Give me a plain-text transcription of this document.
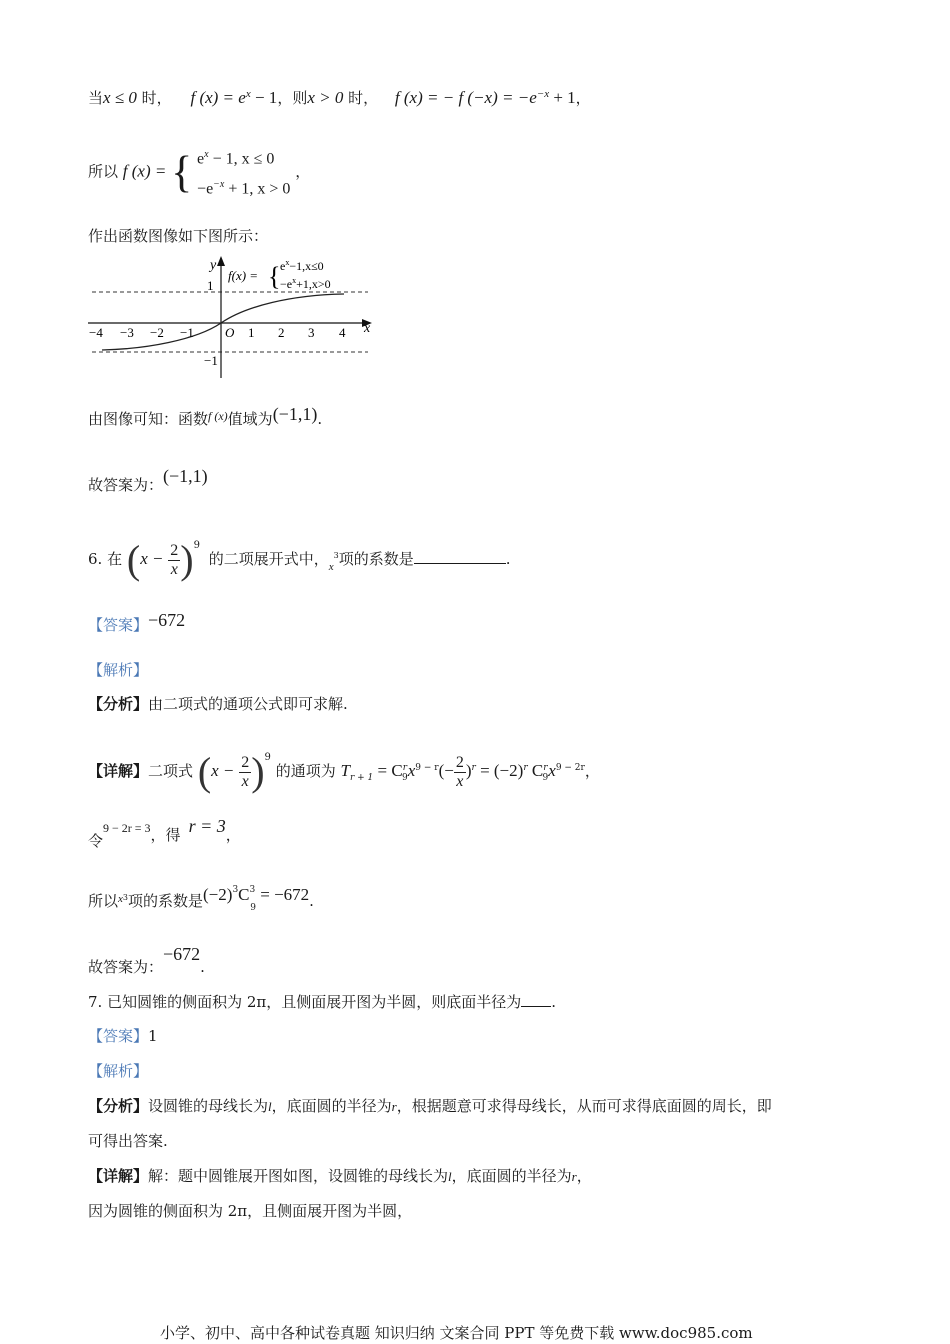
当x ≤ 0 时， f $(x) = e^x - 1$，则x > 0 时， f (x) = − f $(-x) = -e^{-x} + 1$，
所以 f (x) = { $e^x - 1$, x ≤ 0
$-e^{-x} + 1$, x > 0
，
作出函数图像如下图所示：
x
y
O
1
−1
−4 −3 −2 −1	1 2 3 4
f(x) = { $e^x-1,x\le 0$
$-e^x+1,x>0$
由图像可知：函数$^{f (x)}$值域为(−1,1).
故答案为：(−1,1)
6. 在 $(x - \frac{2}{x} )^9$ 的二项展开式中，$_x^3$项的系数是	.
【答案】−672
【解析】
【分析】由二项式的通项公式即可求解.
【详解】二项式 $(x - \frac{2}{x} )^9$ 的通项为 $T_{r + 1} = C^r_9x^{9 - r}(- \frac{2}{x} )^r = (-2)^r$ $C^r_9x^{9 - 2r}$，
令$^{9 - 2r = 3}$，得 r = 3，
所以$^{x3}$项的系数是$(-2)^3C^3_9 = -672$.
故答案为：−672.
7. 已知圆锥的侧面积为 2π，且侧面展开图为半圆，则底面半径为 .
【答案】1
【解析】
【分析】设圆锥的母线长为l，底面圆的半径为r，根据题意可求得母线长，从而可求得底面圆的周长，即
可得出答案.
【详解】解：题中圆锥展开图如图，设圆锥的母线长为l，底面圆的半径为r，
因为圆锥的侧面积为 2π，且侧面展开图为半圆，
小学、初中、高中各种试卷真题 知识归纳 文案合同 PPT 等免费下载 www.doc985.com
